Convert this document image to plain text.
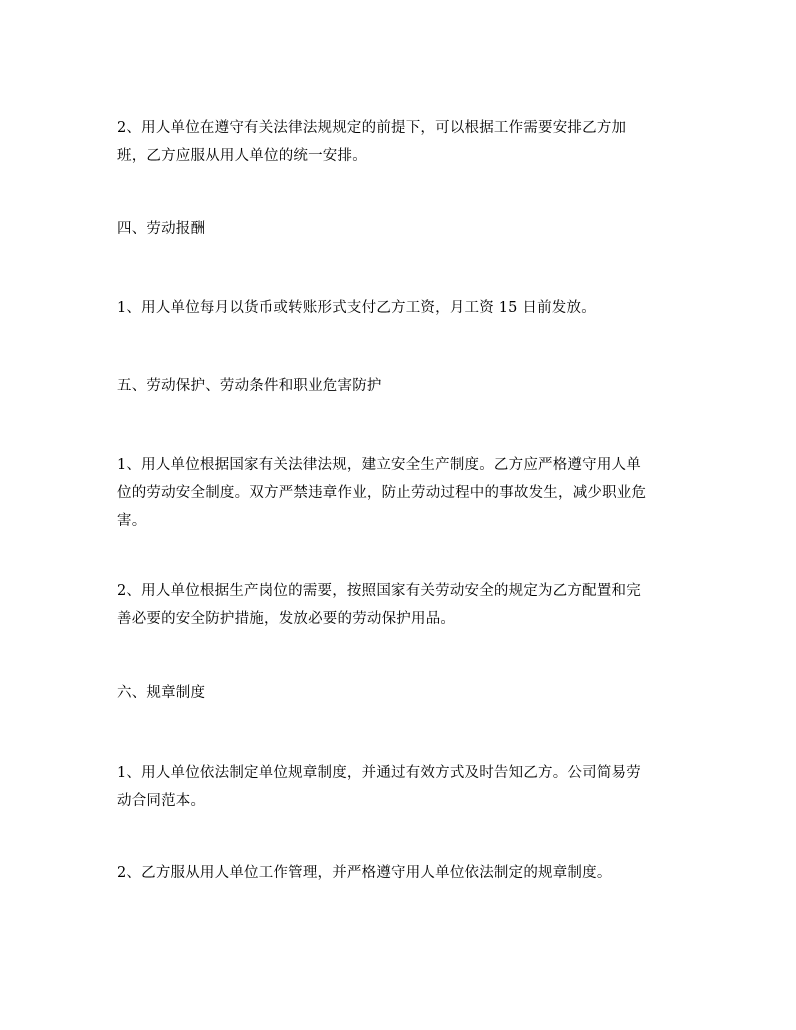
2、用人单位在遵守有关法律法规规定的前提下，可以根据工作需要安排乙方加
班，乙方应服从用人单位的统一安排。
四、劳动报酬
1、用人单位每月以货币或转账形式支付乙方工资，月工资 15 日前发放。
五、劳动保护、劳动条件和职业危害防护
1、用人单位根据国家有关法律法规，建立安全生产制度。乙方应严格遵守用人单
位的劳动安全制度。双方严禁违章作业，防止劳动过程中的事故发生，减少职业危
害。
2、用人单位根据生产岗位的需要，按照国家有关劳动安全的规定为乙方配置和完
善必要的安全防护措施，发放必要的劳动保护用品。
六、规章制度
1、用人单位依法制定单位规章制度，并通过有效方式及时告知乙方。公司简易劳
动合同范本。
2、乙方服从用人单位工作管理，并严格遵守用人单位依法制定的规章制度。
